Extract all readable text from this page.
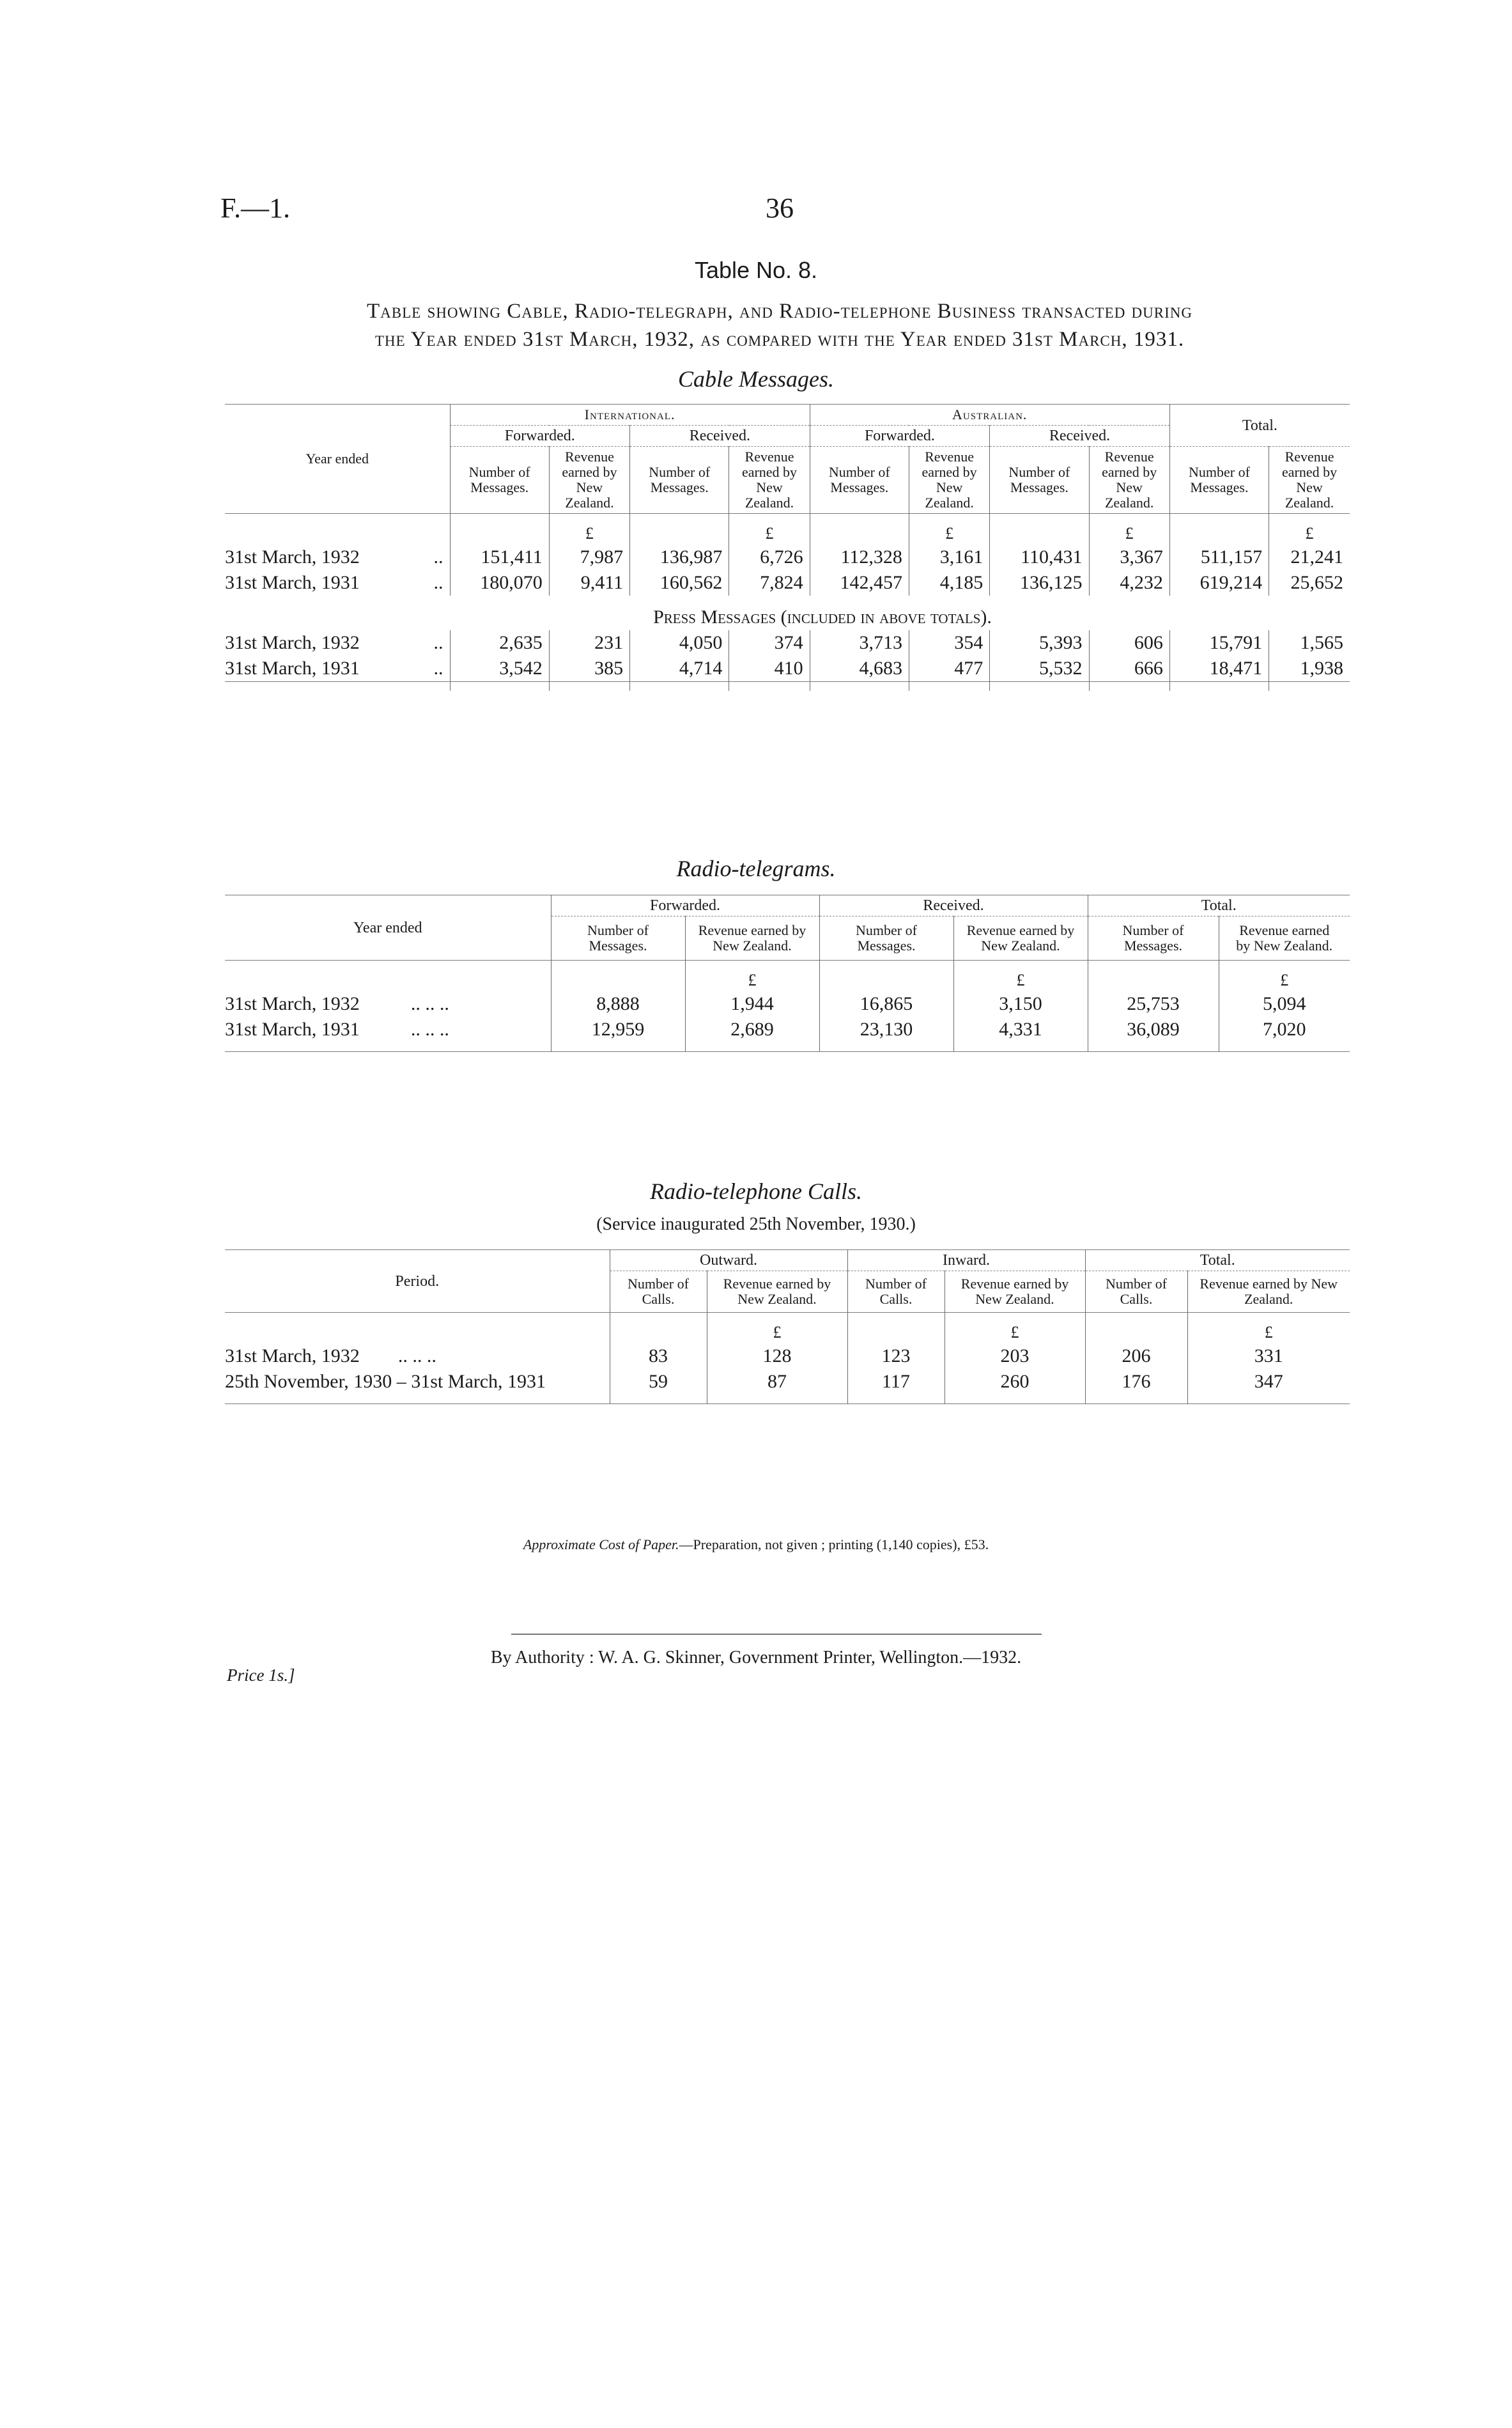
F.—1.	36
Table No. 8.
Table showing Cable, Radio-telegraph, and Radio-telephone Business transacted during
the Year ended 31st March, 1932, as compared with the Year ended 31st March, 1931.
Cable Messages.
Year ended	International.				Australian.				Total.	
	Forwarded.		Received.		Forwarded.		Received.			
	Number of Messages.	Revenue earned by New Zealand.	Number of Messages.	Revenue earned by New Zealand.	Number of Messages.	Revenue earned by New Zealand.	Number of Messages.	Revenue earned by New Zealand.	Number of Messages.	Revenue earned by New Zealand.

		£		£		£		£		£
31st March, 1932 ..	151,411	7,987	136,987	6,726	112,328	3,161	110,431	3,367	511,157	21,241
31st March, 1931 ..	180,070	9,411	160,562	7,824	142,457	4,185	136,125	4,232	619,214	25,652

Press Messages (included in above totals).										
31st March, 1932 ..	2,635	231	4,050	374	3,713	354	5,393	606	15,791	1,565
31st March, 1931 ..	3,542	385	4,714	410	4,683	477	5,532	666	18,471	1,938

Radio-telegrams.
Year ended	Forwarded.		Received.		Total.	
	Number of Messages.	Revenue earned by New Zealand.	Number of Messages.	Revenue earned by New Zealand.	Number of Messages.	Revenue earned by New Zealand.

		£		£		£
31st March, 1932 .. .. ..	8,888	1,944	16,865	3,150	25,753	5,094
31st March, 1931 .. .. ..	12,959	2,689	23,130	4,331	36,089	7,020

Radio-telephone Calls.
(Service inaugurated 25th November, 1930.)
Period.	Outward.		Inward.		Total.	
	Number of Calls.	Revenue earned by New Zealand.	Number of Calls.	Revenue earned by New Zealand.	Number of Calls.	Revenue earned by New Zealand.

		£		£		£
31st March, 1932 .. .. ..	83	128	123	203	206	331
25th November, 1930 – 31st March, 1931	59	87	117	260	176	347

Approximate Cost of Paper.—Preparation, not given ; printing (1,140 copies), £53.
By Authority : W. A. G. Skinner, Government Printer, Wellington.—1932.
Price 1s.]
